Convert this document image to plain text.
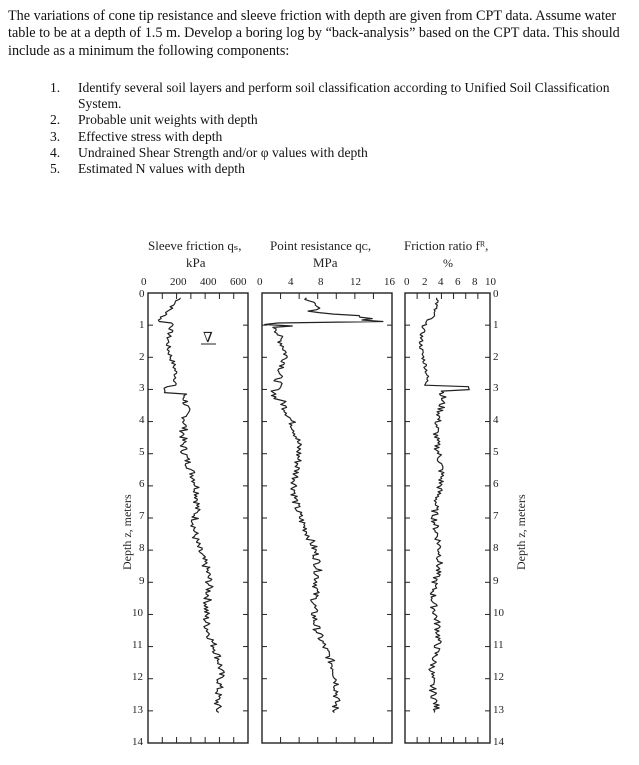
The variations of cone tip resistance and sleeve friction with depth are given from CPT data. Assume water table to be at a depth of 1.5 m. Develop a boring log by “back-analysis” based on the CPT data. This should include as a minimum the following components:

1. Identify several soil layers and perform soil classification according to Unified Soil Classification System.
2. Probable unit weights with depth
3. Effective stress with depth
4. Undrained Shear Strength and/or φ values with depth
5. Estimated N values with depth
Sleeve friction qₛ,
kPa
Point resistance qᴄ,
MPa
Friction ratio fᴿ,
%
0 200 400 600 0 4 8 12 16 0 2 4 6 8 10
0
1
2
3
4
5
6
7
8
9
10
11
12
13
14
0
1
2
3
4
5
6
7
8
9
10
11
12
13
14
Depth z, meters	Depth z, meters
∇
